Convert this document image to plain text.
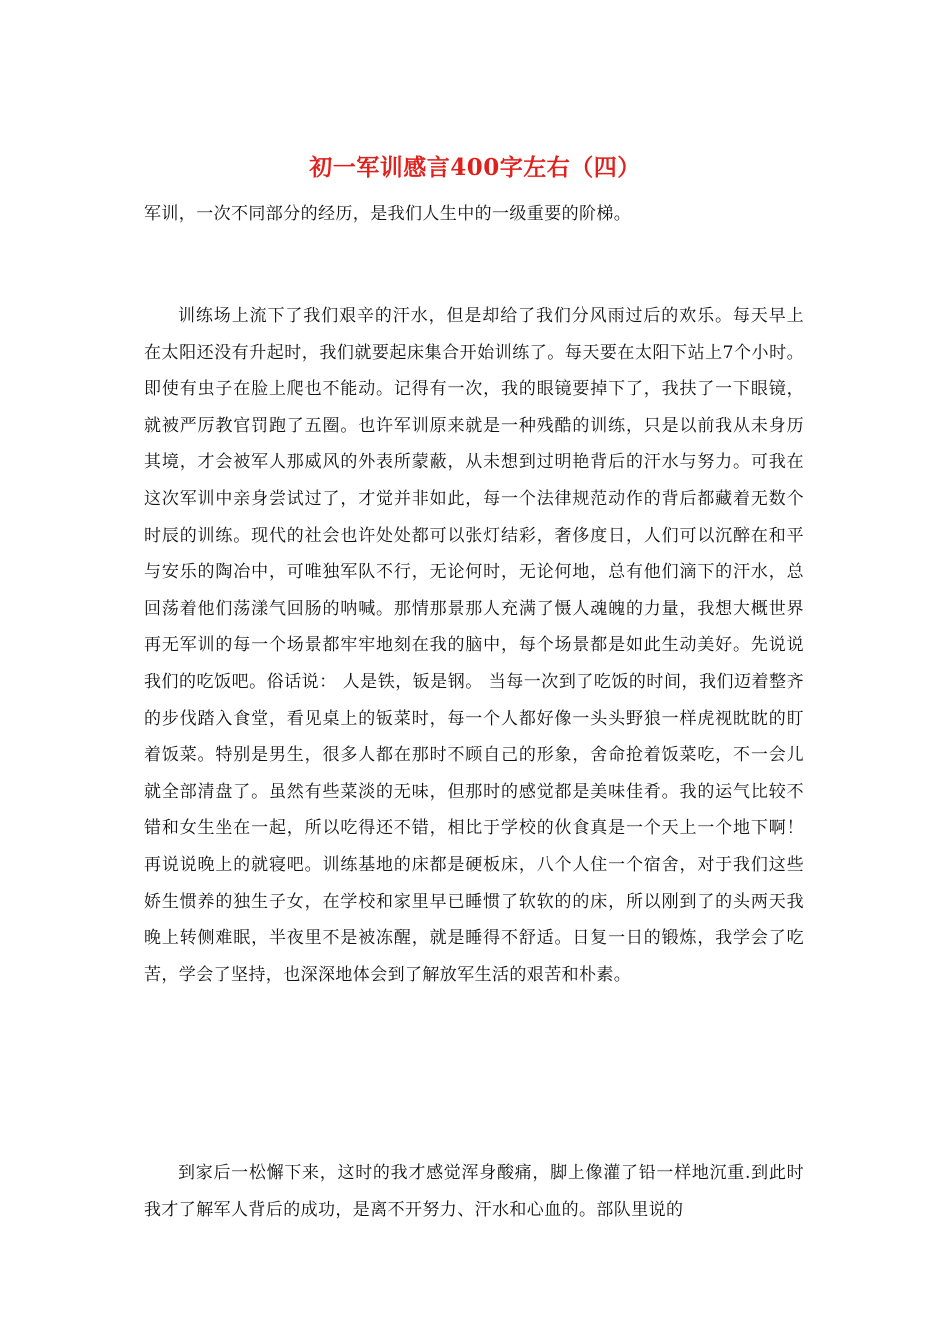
初一军训感言400字左右（四）

军训，一次不同部分的经历，是我们人生中的一级重要的阶梯。

训练场上流下了我们艰辛的汗水，但是却给了我们分风雨过后的欢乐。每天早上在太阳还没有升起时，我们就要起床集合开始训练了。每天要在太阳下站上7个小时。即使有虫子在脸上爬也不能动。记得有一次，我的眼镜要掉下了，我扶了一下眼镜，就被严厉教官罚跑了五圈。也许军训原来就是一种残酷的训练，只是以前我从未身历其境，才会被军人那威风的外表所蒙蔽，从未想到过明艳背后的汗水与努力。可我在这次军训中亲身尝试过了，才觉并非如此，每一个法律规范动作的背后都藏着无数个时辰的训练。现代的社会也许处处都可以张灯结彩，奢侈度日，人们可以沉醉在和平与安乐的陶冶中，可唯独军队不行，无论何时，无论何地，总有他们滴下的汗水，总回荡着他们荡漾气回肠的呐喊。那情那景那人充满了慑人魂魄的力量，我想大概世界再无军训的每一个场景都牢牢地刻在我的脑中，每个场景都是如此生动美好。先说说我们的吃饭吧。俗话说： 人是铁，钣是钢。 当每一次到了吃饭的时间，我们迈着整齐的步伐踏入食堂，看见桌上的钣菜时，每一个人都好像一头头野狼一样虎视眈眈的盯着饭菜。特别是男生，很多人都在那时不顾自己的形象，舍命抢着饭菜吃，不一会儿就全部清盘了。虽然有些菜淡的无味，但那时的感觉都是美味佳肴。我的运气比较不错和女生坐在一起，所以吃得还不错，相比于学校的伙食真是一个天上一个地下啊！再说说晚上的就寝吧。训练基地的床都是硬板床，八个人住一个宿舍，对于我们这些娇生惯养的独生子女，在学校和家里早已睡惯了软软的的床，所以刚到了的头两天我晚上转侧难眠，半夜里不是被冻醒，就是睡得不舒适。日复一日的锻炼，我学会了吃苦，学会了坚持，也深深地体会到了解放军生活的艰苦和朴素。

到家后一松懈下来，这时的我才感觉浑身酸痛，脚上像灌了铅一样地沉重.到此时我才了解军人背后的成功，是离不开努力、汗水和心血的。部队里说的
